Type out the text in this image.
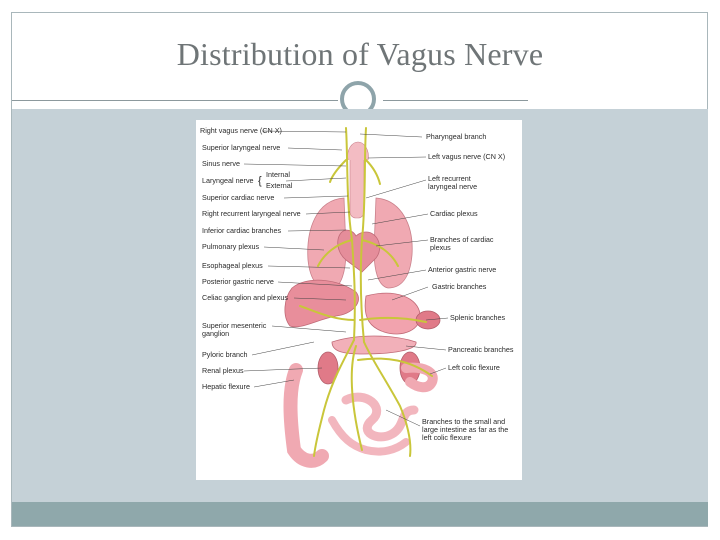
Distribution of Vagus Nerve
Right vagus nerve (CN X)
Superior laryngeal nerve
Sinus nerve
Laryngeal nerve {
Internal
External
Superior cardiac nerve
Right recurrent laryngeal nerve
Inferior cardiac branches
Pulmonary plexus
Esophageal plexus
Posterior gastric nerve
Celiac ganglion and plexus
Superior mesenteric
ganglion
Pyloric branch
Renal plexus
Hepatic flexure
Pharyngeal branch
Left vagus nerve (CN X)
Left recurrent
laryngeal nerve
Cardiac plexus
Branches of cardiac
plexus
Anterior gastric nerve
Gastric branches
Splenic branches
Pancreatic branches
Left colic flexure
Branches to the small and
large intestine as far as the
left colic flexure
